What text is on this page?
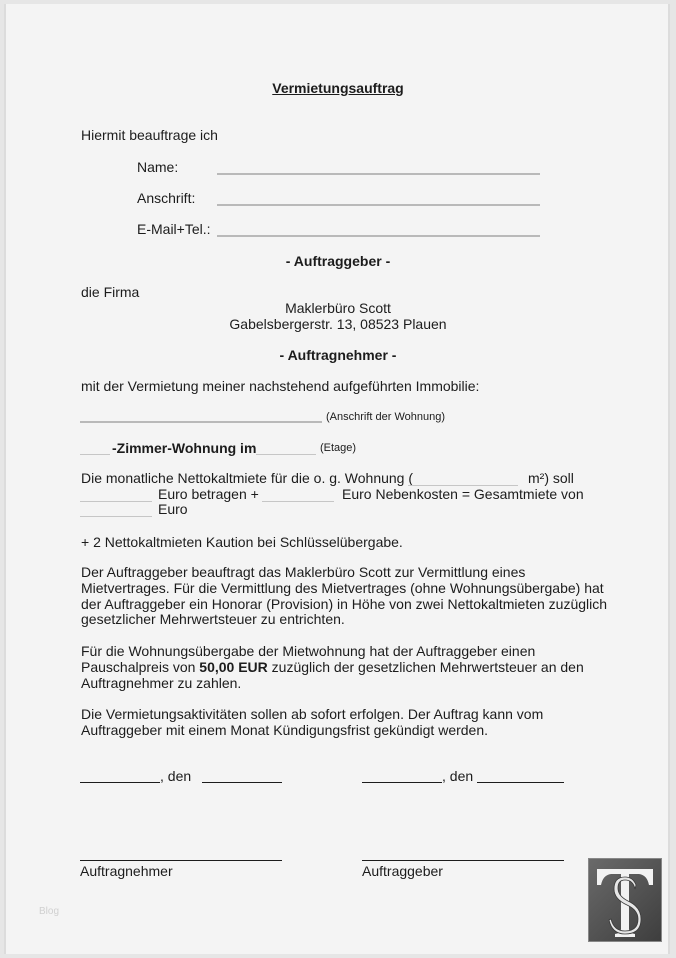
Vermietungsauftrag
Hiermit beauftrage ich
Name:
Anschrift:
E-Mail+Tel.:
- Auftraggeber -
die Firma
Maklerbüro Scott
Gabelsbergerstr. 13, 08523 Plauen
- Auftragnehmer -
mit der Vermietung meiner nachstehend aufgeführten Immobilie:
(Anschrift der Wohnung)
-Zimmer-Wohnung im	(Etage)
Die monatliche Nettokaltmiete für die o. g. Wohnung (	m²) soll
Euro betragen +	Euro Nebenkosten = Gesamtmiete von
Euro
+ 2 Nettokaltmieten Kaution bei Schlüsselübergabe.
Der Auftraggeber beauftragt das Maklerbüro Scott zur Vermittlung eines
Mietvertrages. Für die Vermittlung des Mietvertrages (ohne Wohnungsübergabe) hat
der Auftraggeber ein Honorar (Provision) in Höhe von zwei Nettokaltmieten zuzüglich
gesetzlicher Mehrwertsteuer zu entrichten.
Für die Wohnungsübergabe der Mietwohnung hat der Auftraggeber einen
Pauschalpreis von 50,00 EUR zuzüglich der gesetzlichen Mehrwertsteuer an den
Auftragnehmer zu zahlen.
Die Vermietungsaktivitäten sollen ab sofort erfolgen. Der Auftrag kann vom
Auftraggeber mit einem Monat Kündigungsfrist gekündigt werden.
, den	, den
Auftragnehmer	Auftraggeber
Blog
